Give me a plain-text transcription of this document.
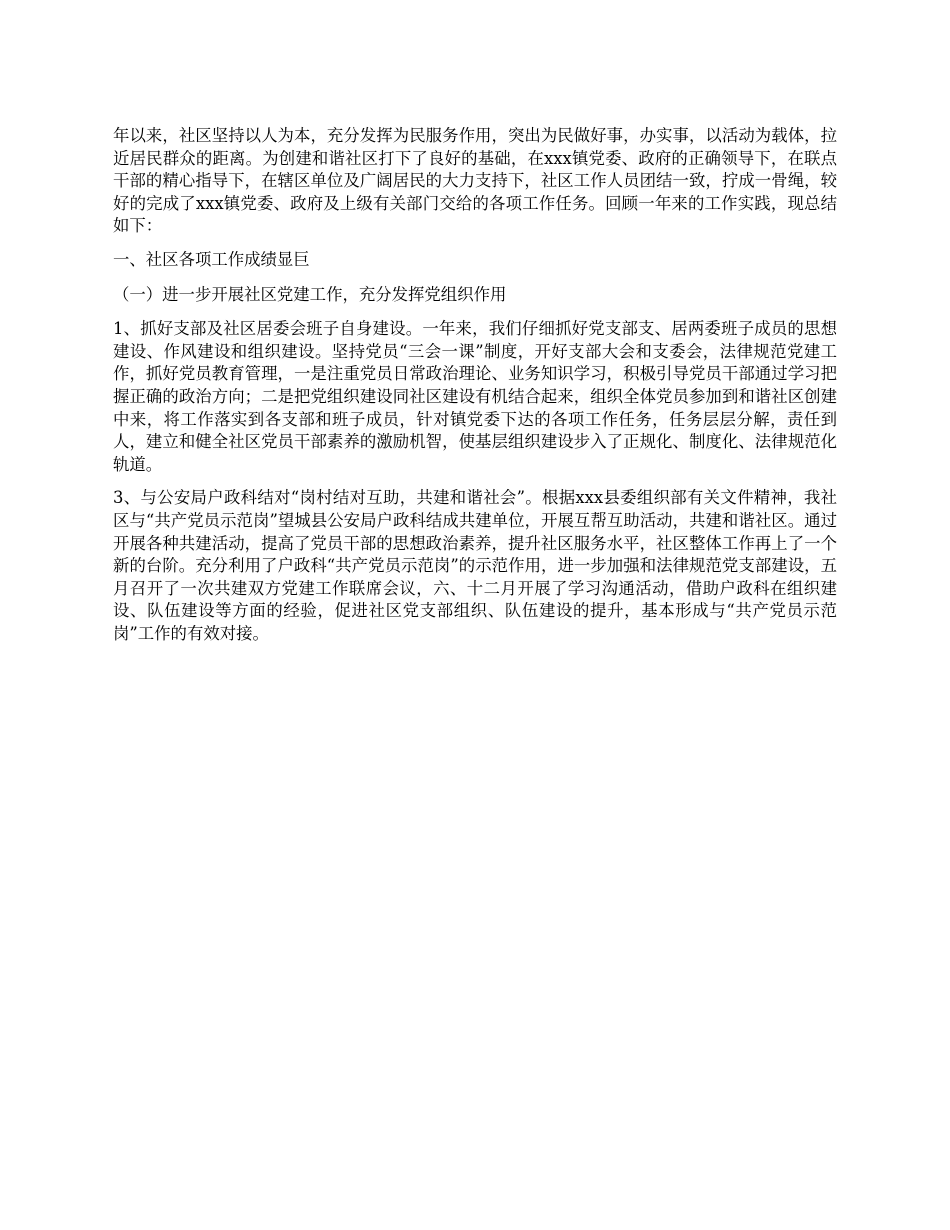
年以来，社区坚持以人为本，充分发挥为民服务作用，突出为民做好事，办实事，以活动为载体，拉近居民群众的距离。为创建和谐社区打下了良好的基础，在xxx镇党委、政府的正确领导下，在联点干部的精心指导下，在辖区单位及广阔居民的大力支持下，社区工作人员团结一致，拧成一骨绳，较好的完成了xxx镇党委、政府及上级有关部门交给的各项工作任务。回顾一年来的工作实践，现总结如下：

一、社区各项工作成绩显巨

（一）进一步开展社区党建工作，充分发挥党组织作用

1、抓好支部及社区居委会班子自身建设。一年来，我们仔细抓好党支部支、居两委班子成员的思想建设、作风建设和组织建设。坚持党员“三会一课”制度，开好支部大会和支委会，法律规范党建工作，抓好党员教育管理，一是注重党员日常政治理论、业务知识学习，积极引导党员干部通过学习把握正确的政治方向；二是把党组织建设同社区建设有机结合起来，组织全体党员参加到和谐社区创建中来，将工作落实到各支部和班子成员，针对镇党委下达的各项工作任务，任务层层分解，责任到人，建立和健全社区党员干部素养的激励机智，使基层组织建设步入了正规化、制度化、法律规范化轨道。

3、与公安局户政科结对“岗村结对互助，共建和谐社会”。根据xxx县委组织部有关文件精神，我社区与“共产党员示范岗”望城县公安局户政科结成共建单位，开展互帮互助活动，共建和谐社区。通过开展各种共建活动，提高了党员干部的思想政治素养，提升社区服务水平，社区整体工作再上了一个新的台阶。充分利用了户政科“共产党员示范岗”的示范作用，进一步加强和法律规范党支部建设，五月召开了一次共建双方党建工作联席会议，六、十二月开展了学习沟通活动，借助户政科在组织建设、队伍建设等方面的经验，促进社区党支部组织、队伍建设的提升，基本形成与“共产党员示范岗”工作的有效对接。
